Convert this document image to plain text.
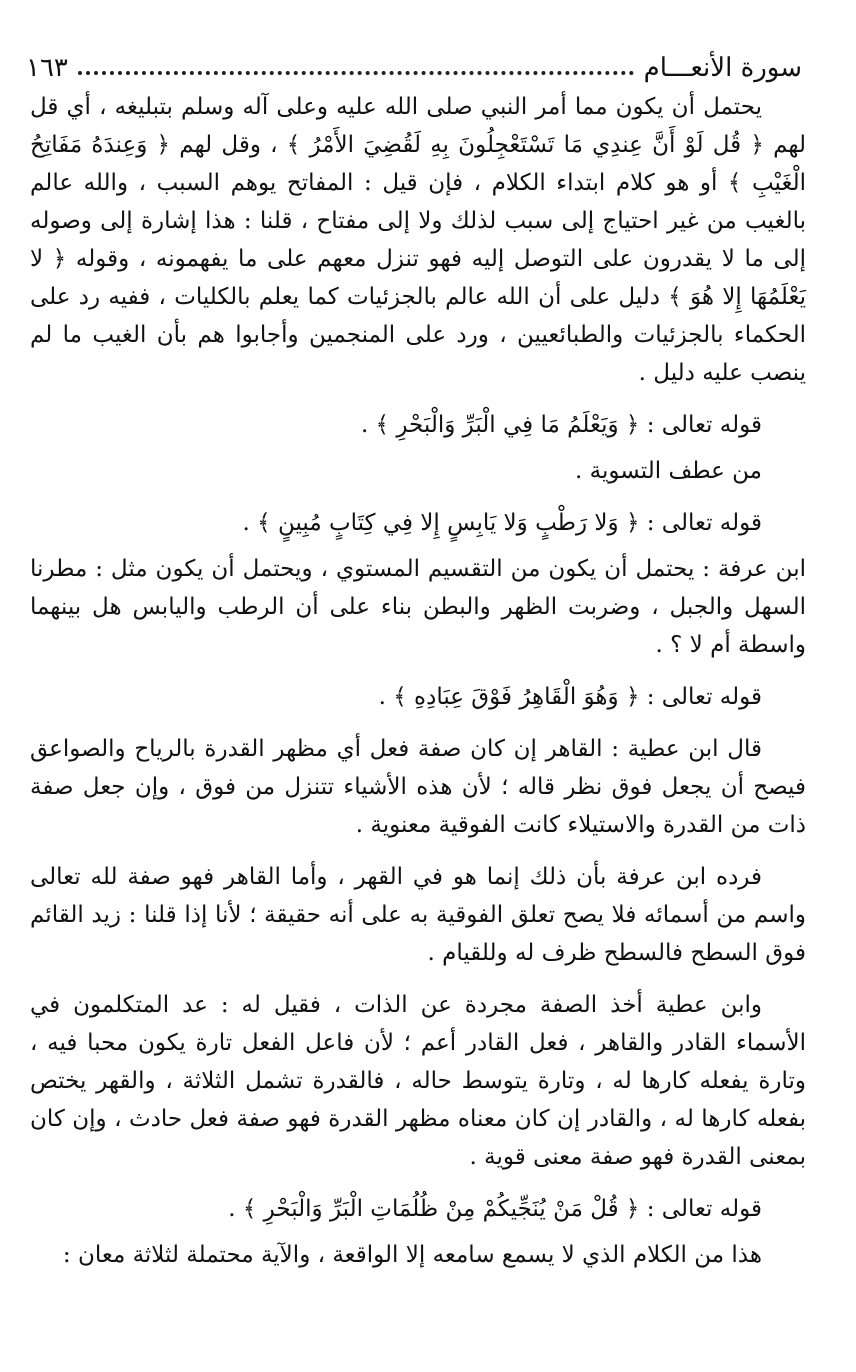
سورة الأنعـــام
١٦٣

يحتمل أن يكون مما أمر النبي صلى الله عليه وعلى آله وسلم بتبليغه ، أي قل لهم ﴿ قُل لَوْ أَنَّ عِندِي مَا تَسْتَعْجِلُونَ بِهِ لَقُضِيَ الأَمْرُ ﴾ ، وقل لهم ﴿ وَعِندَهُ مَفَاتِحُ الْغَيْبِ ﴾ أو هو كلام ابتداء الكلام ، فإن قيل : المفاتح يوهم السبب ، والله عالم بالغيب من غير احتياج إلى سبب لذلك ولا إلى مفتاح ، قلنا : هذا إشارة إلى وصوله إلى ما لا يقدرون على التوصل إليه فهو تنزل معهم على ما يفهمونه ، وقوله ﴿ لا يَعْلَمُهَا إِلا هُوَ ﴾ دليل على أن الله عالم بالجزئيات كما يعلم بالكليات ، ففيه رد على الحكماء بالجزئيات والطبائعيين ، ورد على المنجمين وأجابوا هم بأن الغيب ما لم ينصب عليه دليل .

قوله تعالى : ﴿ وَيَعْلَمُ مَا فِي الْبَرِّ وَالْبَحْرِ ﴾ .

من عطف التسوية .

قوله تعالى : ﴿ وَلا رَطْبٍ وَلا يَابِسٍ إِلا فِي كِتَابٍ مُبِينٍ ﴾ .

ابن عرفة : يحتمل أن يكون من التقسيم المستوي ، ويحتمل أن يكون مثل : مطرنا السهل والجبل ، وضربت الظهر والبطن بناء على أن الرطب واليابس هل بينهما واسطة أم لا ؟ .

قوله تعالى : ﴿ وَهُوَ الْقَاهِرُ فَوْقَ عِبَادِهِ ﴾ .

قال ابن عطية : القاهر إن كان صفة فعل أي مظهر القدرة بالرياح والصواعق فيصح أن يجعل فوق نظر قاله ؛ لأن هذه الأشياء تتنزل من فوق ، وإن جعل صفة ذات من القدرة والاستيلاء كانت الفوقية معنوية .

فرده ابن عرفة بأن ذلك إنما هو في القهر ، وأما القاهر فهو صفة لله تعالى واسم من أسمائه فلا يصح تعلق الفوقية به على أنه حقيقة ؛ لأنا إذا قلنا : زيد القائم فوق السطح فالسطح ظرف له وللقيام .

وابن عطية أخذ الصفة مجردة عن الذات ، فقيل له : عد المتكلمون في الأسماء القادر والقاهر ، فعل القادر أعم ؛ لأن فاعل الفعل تارة يكون محبا فيه ، وتارة يفعله كارها له ، وتارة يتوسط حاله ، فالقدرة تشمل الثلاثة ، والقهر يختص بفعله كارها له ، والقادر إن كان معناه مظهر القدرة فهو صفة فعل حادث ، وإن كان بمعنى القدرة فهو صفة معنى قوية .

قوله تعالى : ﴿ قُلْ مَنْ يُنَجِّيكُمْ مِنْ ظُلُمَاتِ الْبَرِّ وَالْبَحْرِ ﴾ .

هذا من الكلام الذي لا يسمع سامعه إلا الواقعة ، والآية محتملة لثلاثة معان :
